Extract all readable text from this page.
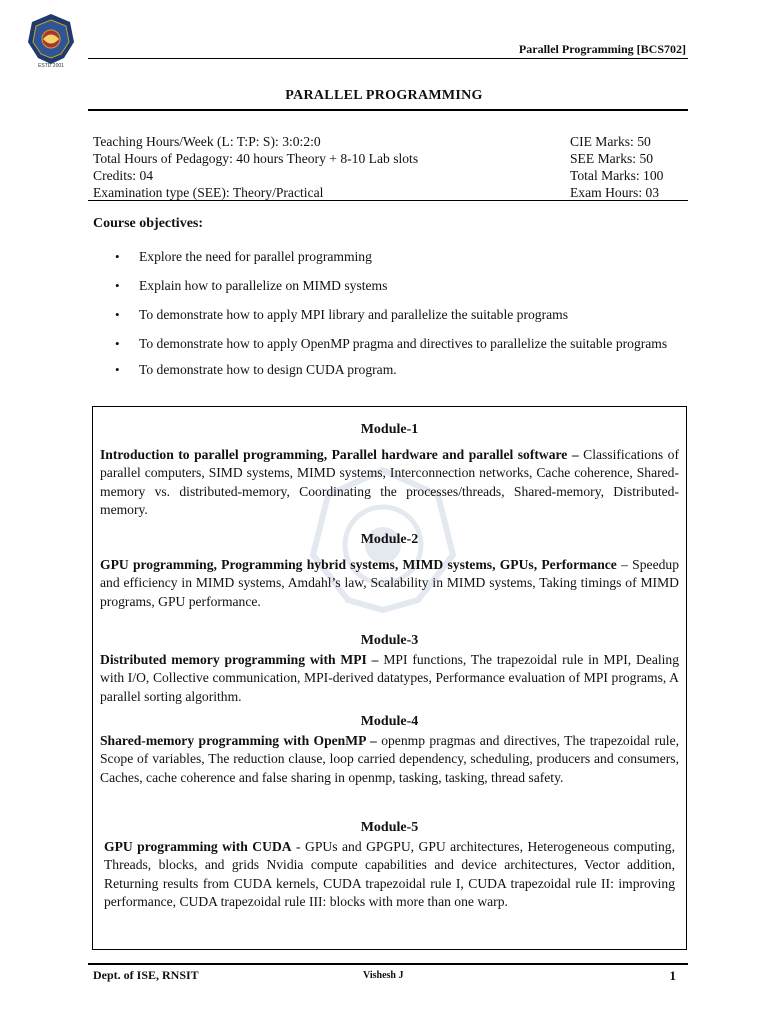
ESTD 2001
Parallel Programming [BCS702]
PARALLEL PROGRAMMING
Teaching Hours/Week (L: T:P: S): 3:0:2:0	CIE Marks: 50
Total Hours of Pedagogy: 40 hours Theory + 8-10 Lab slots	SEE Marks: 50
Credits: 04	Total Marks: 100
Examination type (SEE): Theory/Practical	Exam Hours: 03
Course objectives:
• Explore the need for parallel programming
• Explain how to parallelize on MIMD systems
• To demonstrate how to apply MPI library and parallelize the suitable programs
• To demonstrate how to apply OpenMP pragma and directives to parallelize the suitable programs
• To demonstrate how to design CUDA program.
Module-1
Introduction to parallel programming, Parallel hardware and parallel software – Classifications of parallel computers, SIMD systems, MIMD systems, Interconnection networks, Cache coherence, Shared-memory vs. distributed-memory, Coordinating the processes/threads, Shared-memory, Distributed-memory.
Module-2
GPU programming, Programming hybrid systems, MIMD systems, GPUs, Performance – Speedup and efficiency in MIMD systems, Amdahl’s law, Scalability in MIMD systems, Taking timings of MIMD programs, GPU performance.
Module-3
Distributed memory programming with MPI – MPI functions, The trapezoidal rule in MPI, Dealing with I/O, Collective communication, MPI-derived datatypes, Performance evaluation of MPI programs, A parallel sorting algorithm.
Module-4
Shared-memory programming with OpenMP – openmp pragmas and directives, The trapezoidal rule, Scope of variables, The reduction clause, loop carried dependency, scheduling, producers and consumers, Caches, cache coherence and false sharing in openmp, tasking, tasking, thread safety.
Module-5
GPU programming with CUDA - GPUs and GPGPU, GPU architectures, Heterogeneous computing, Threads, blocks, and grids Nvidia compute capabilities and device architectures, Vector addition, Returning results from CUDA kernels, CUDA trapezoidal rule I, CUDA trapezoidal rule II: improving performance, CUDA trapezoidal rule III: blocks with more than one warp.
Dept. of ISE, RNSIT	Vishesh J	1
